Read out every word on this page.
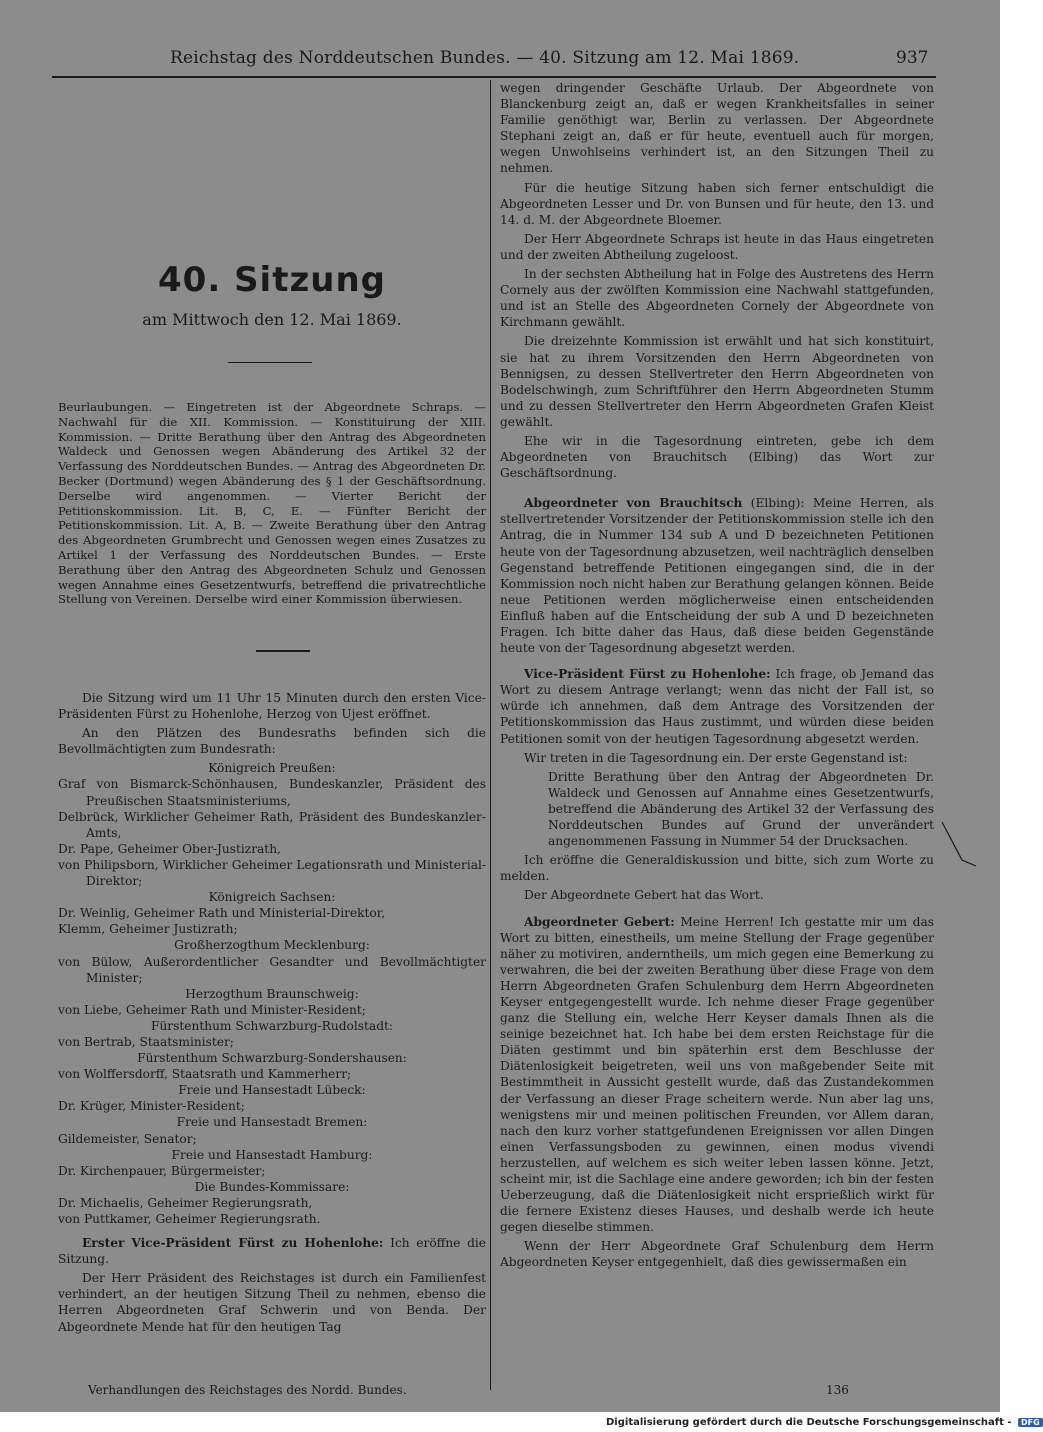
Reichstag des Norddeutschen Bundes. — 40. Sitzung am 12. Mai 1869.	937
40. Sitzung
am Mittwoch den 12. Mai 1869.
Beurlaubungen. — Eingetreten ist der Abgeordnete Schraps. — Nachwahl für die XII. Kommission. — Konstituirung der XIII. Kommission. — Dritte Berathung über den Antrag des Abgeordneten Waldeck und Genossen wegen Abänderung des Artikel 32 der Verfassung des Norddeutschen Bundes. — Antrag des Abgeordneten Dr. Becker (Dortmund) wegen Abänderung des § 1 der Geschäftsordnung. Derselbe wird angenommen. — Vierter Bericht der Petitionskommission. Lit. B, C, E. — Fünfter Bericht der Petitionskommission. Lit. A, B. — Zweite Berathung über den Antrag des Abgeordneten Grumbrecht und Genossen wegen eines Zusatzes zu Artikel 1 der Verfassung des Norddeutschen Bundes. — Erste Berathung über den Antrag des Abgeordneten Schulz und Genossen wegen Annahme eines Gesetzentwurfs, betreffend die privatrechtliche Stellung von Vereinen. Derselbe wird einer Kommission überwiesen.

Die Sitzung wird um 11 Uhr 15 Minuten durch den ersten Vice-Präsidenten Fürst zu Hohenlohe, Herzog von Ujest eröffnet.

An den Plätzen des Bundesraths befinden sich die Bevollmächtigten zum Bundesrath:

Königreich Preußen:

Graf von Bismarck-Schönhausen, Bundeskanzler, Präsident des Preußischen Staatsministeriums,

Delbrück, Wirklicher Geheimer Rath, Präsident des Bundeskanzler-Amts,

Dr. Pape, Geheimer Ober-Justizrath,

von Philipsborn, Wirklicher Geheimer Legationsrath und Ministerial-Direktor;

Königreich Sachsen:

Dr. Weinlig, Geheimer Rath und Ministerial-Direktor,

Klemm, Geheimer Justizrath;

Großherzogthum Mecklenburg:

von Bülow, Außerordentlicher Gesandter und Bevollmächtigter Minister;

Herzogthum Braunschweig:

von Liebe, Geheimer Rath und Minister-Resident;

Fürstenthum Schwarzburg-Rudolstadt:

von Bertrab, Staatsminister;

Fürstenthum Schwarzburg-Sondershausen:

von Wolffersdorff, Staatsrath und Kammerherr;

Freie und Hansestadt Lübeck:

Dr. Krüger, Minister-Resident;

Freie und Hansestadt Bremen:

Gildemeister, Senator;

Freie und Hansestadt Hamburg:

Dr. Kirchenpauer, Bürgermeister;

Die Bundes-Kommissare:

Dr. Michaelis, Geheimer Regierungsrath,

von Puttkamer, Geheimer Regierungsrath.

Erster Vice-Präsident Fürst zu Hohenlohe: Ich eröffne die Sitzung.

Der Herr Präsident des Reichstages ist durch ein Familienfest verhindert, an der heutigen Sitzung Theil zu nehmen, ebenso die Herren Abgeordneten Graf Schwerin und von Benda. Der Abgeordnete Mende hat für den heutigen Tag

wegen dringender Geschäfte Urlaub. Der Abgeordnete von Blanckenburg zeigt an, daß er wegen Krankheitsfalles in seiner Familie genöthigt war, Berlin zu verlassen. Der Abgeordnete Stephani zeigt an, daß er für heute, eventuell auch für morgen, wegen Unwohlseins verhindert ist, an den Sitzungen Theil zu nehmen.

Für die heutige Sitzung haben sich ferner entschuldigt die Abgeordneten Lesser und Dr. von Bunsen und für heute, den 13. und 14. d. M. der Abgeordnete Bloemer.

Der Herr Abgeordnete Schraps ist heute in das Haus eingetreten und der zweiten Abtheilung zugeloost.

In der sechsten Abtheilung hat in Folge des Austretens des Herrn Cornely aus der zwölften Kommission eine Nachwahl stattgefunden, und ist an Stelle des Abgeordneten Cornely der Abgeordnete von Kirchmann gewählt.

Die dreizehnte Kommission ist erwählt und hat sich konstituirt, sie hat zu ihrem Vorsitzenden den Herrn Abgeordneten von Bennigsen, zu dessen Stellvertreter den Herrn Abgeordneten von Bodelschwingh, zum Schriftführer den Herrn Abgeordneten Stumm und zu dessen Stellvertreter den Herrn Abgeordneten Grafen Kleist gewählt.

Ehe wir in die Tagesordnung eintreten, gebe ich dem Abgeordneten von Brauchitsch (Elbing) das Wort zur Geschäftsordnung.

Abgeordneter von Brauchitsch (Elbing): Meine Herren, als stellvertretender Vorsitzender der Petitionskommission stelle ich den Antrag, die in Nummer 134 sub A und D bezeichneten Petitionen heute von der Tagesordnung abzusetzen, weil nachträglich denselben Gegenstand betreffende Petitionen eingegangen sind, die in der Kommission noch nicht haben zur Berathung gelangen können. Beide neue Petitionen werden möglicherweise einen entscheidenden Einfluß haben auf die Entscheidung der sub A und D bezeichneten Fragen. Ich bitte daher das Haus, daß diese beiden Gegenstände heute von der Tagesordnung abgesetzt werden.

Vice-Präsident Fürst zu Hohenlohe: Ich frage, ob Jemand das Wort zu diesem Antrage verlangt; wenn das nicht der Fall ist, so würde ich annehmen, daß dem Antrage des Vorsitzenden der Petitionskommission das Haus zustimmt, und würden diese beiden Petitionen somit von der heutigen Tagesordnung abgesetzt werden.

Wir treten in die Tagesordnung ein. Der erste Gegenstand ist:

Dritte Berathung über den Antrag der Abgeordneten Dr. Waldeck und Genossen auf Annahme eines Gesetzentwurfs, betreffend die Abänderung des Artikel 32 der Verfassung des Norddeutschen Bundes auf Grund der unverändert angenommenen Fassung in Nummer 54 der Drucksachen.

Ich eröffne die Generaldiskussion und bitte, sich zum Worte zu melden.

Der Abgeordnete Gebert hat das Wort.

Abgeordneter Gebert: Meine Herren! Ich gestatte mir um das Wort zu bitten, einestheils, um meine Stellung der Frage gegenüber näher zu motiviren, anderntheils, um mich gegen eine Bemerkung zu verwahren, die bei der zweiten Berathung über diese Frage von dem Herrn Abgeordneten Grafen Schulenburg dem Herrn Abgeordneten Keyser entgegengestellt wurde. Ich nehme dieser Frage gegenüber ganz die Stellung ein, welche Herr Keyser damals Ihnen als die seinige bezeichnet hat. Ich habe bei dem ersten Reichstage für die Diäten gestimmt und bin späterhin erst dem Beschlusse der Diätenlosigkeit beigetreten, weil uns von maßgebender Seite mit Bestimmtheit in Aussicht gestellt wurde, daß das Zustandekommen der Verfassung an dieser Frage scheitern werde. Nun aber lag uns, wenigstens mir und meinen politischen Freunden, vor Allem daran, nach den kurz vorher stattgefundenen Ereignissen vor allen Dingen einen Verfassungsboden zu gewinnen, einen modus vivendi herzustellen, auf welchem es sich weiter leben lassen könne. Jetzt, scheint mir, ist die Sachlage eine andere geworden; ich bin der festen Ueberzeugung, daß die Diätenlosigkeit nicht ersprießlich wirkt für die fernere Existenz dieses Hauses, und deshalb werde ich heute gegen dieselbe stimmen.

Wenn der Herr Abgeordnete Graf Schulenburg dem Herrn Abgeordneten Keyser entgegenhielt, daß dies gewissermaßen ein

Verhandlungen des Reichstages des Nordd. Bundes.	136
Digitalisierung gefördert durch die Deutsche Forschungsgemeinschaft - DFG
